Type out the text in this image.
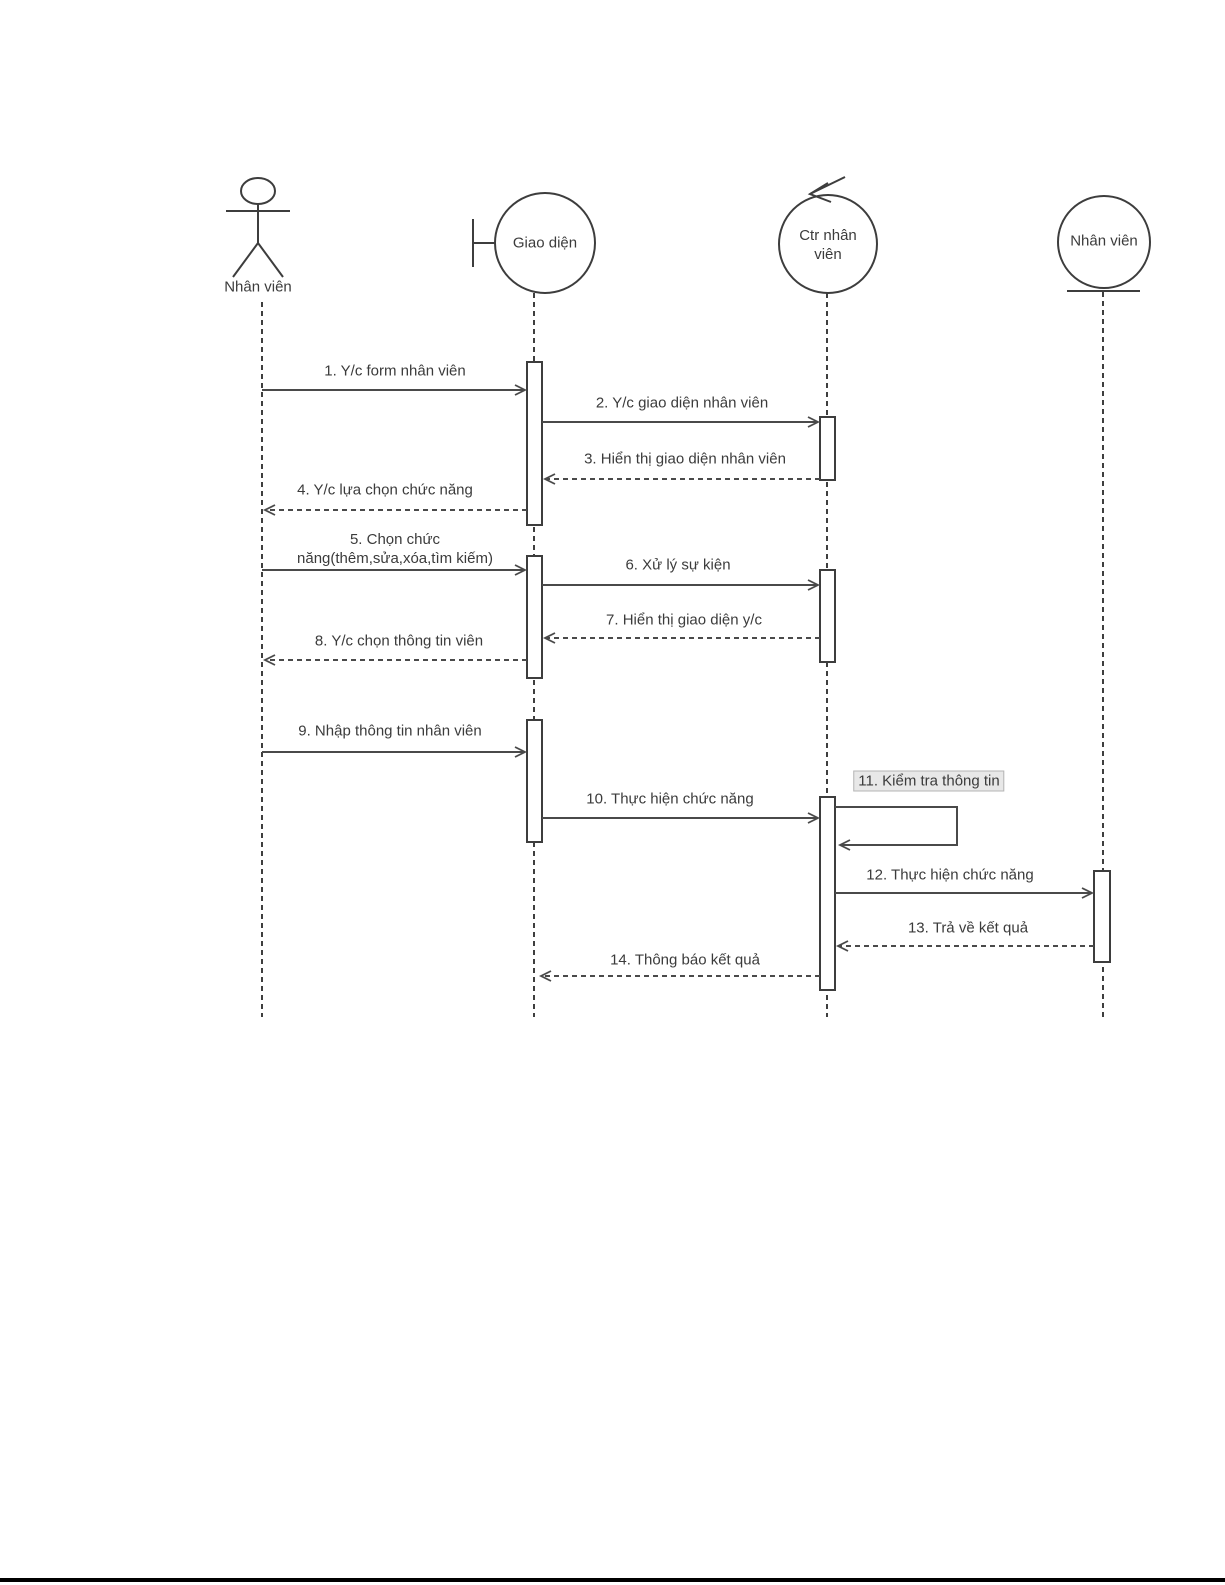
Nhân viên
Giao diện	Ctr nhân
viên
Nhân viên
1. Y/c form nhân viên
2. Y/c giao diện nhân viên
3. Hiển thị giao diện nhân viên
4. Y/c lựa chọn chức năng
5. Chọn chức
năng(thêm,sửa,xóa,tìm kiếm)	6. Xử lý sự kiện
7. Hiển thị giao diện y/c
8. Y/c chọn thông tin viên
9. Nhập thông tin nhân viên
10. Thực hiện chức năng
11. Kiểm tra thông tin
12. Thực hiện chức năng
13. Trả về kết quả
14. Thông báo kết quả
